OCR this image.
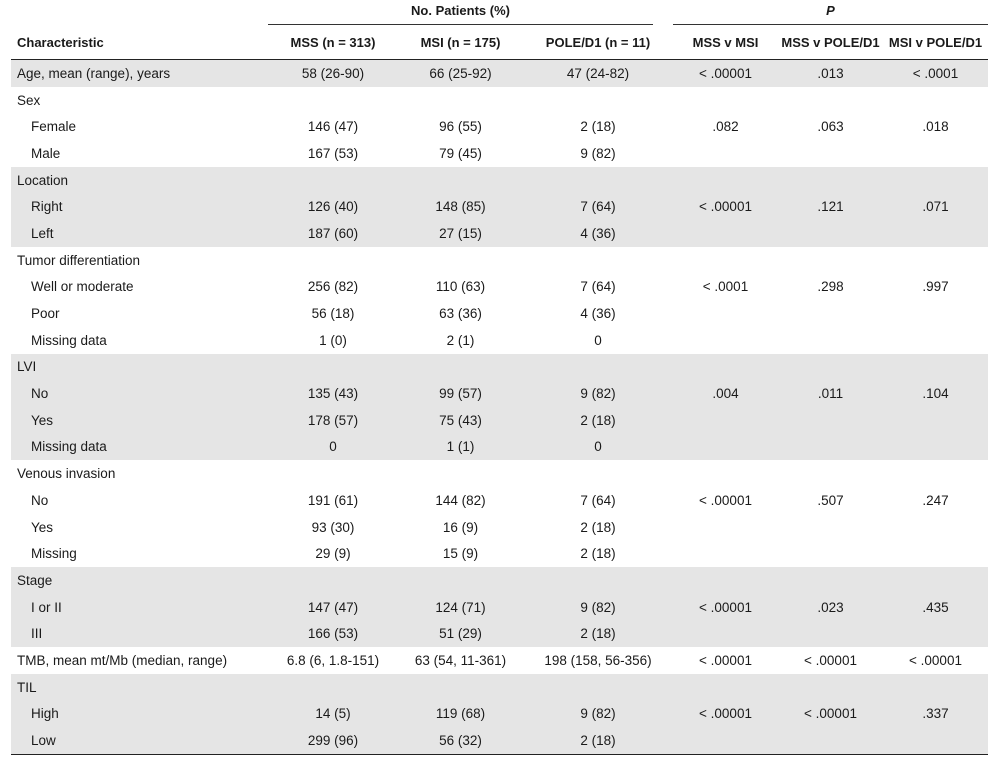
No. Patients (%)	P
Characteristic	MSS (n = 313)	MSI (n = 175)	POLE/D1 (n = 11)	MSS v MSI	MSS v POLE/D1	MSI v POLE/D1
Age, mean (range), years	58 (26-90)	66 (25-92)	47 (24-82)	< .00001	.013	< .0001
Sex						
Female	146 (47)	96 (55)	2 (18)	.082	.063	.018
Male	167 (53)	79 (45)	9 (82)			
Location						
Right	126 (40)	148 (85)	7 (64)	< .00001	.121	.071
Left	187 (60)	27 (15)	4 (36)			
Tumor differentiation						
Well or moderate	256 (82)	110 (63)	7 (64)	< .0001	.298	.997
Poor	56 (18)	63 (36)	4 (36)			
Missing data	1 (0)	2 (1)	0			
LVI						
No	135 (43)	99 (57)	9 (82)	.004	.011	.104
Yes	178 (57)	75 (43)	2 (18)			
Missing data	0	1 (1)	0			
Venous invasion						
No	191 (61)	144 (82)	7 (64)	< .00001	.507	.247
Yes	93 (30)	16 (9)	2 (18)			
Missing	29 (9)	15 (9)	2 (18)			
Stage						
I or II	147 (47)	124 (71)	9 (82)	< .00001	.023	.435
III	166 (53)	51 (29)	2 (18)			
TMB, mean mt/Mb (median, range)	6.8 (6, 1.8-151)	63 (54, 11-361)	198 (158, 56-356)	< .00001	< .00001	< .00001
TIL						
High	14 (5)	119 (68)	9 (82)	< .00001	< .00001	.337
Low	299 (96)	56 (32)	2 (18)			
